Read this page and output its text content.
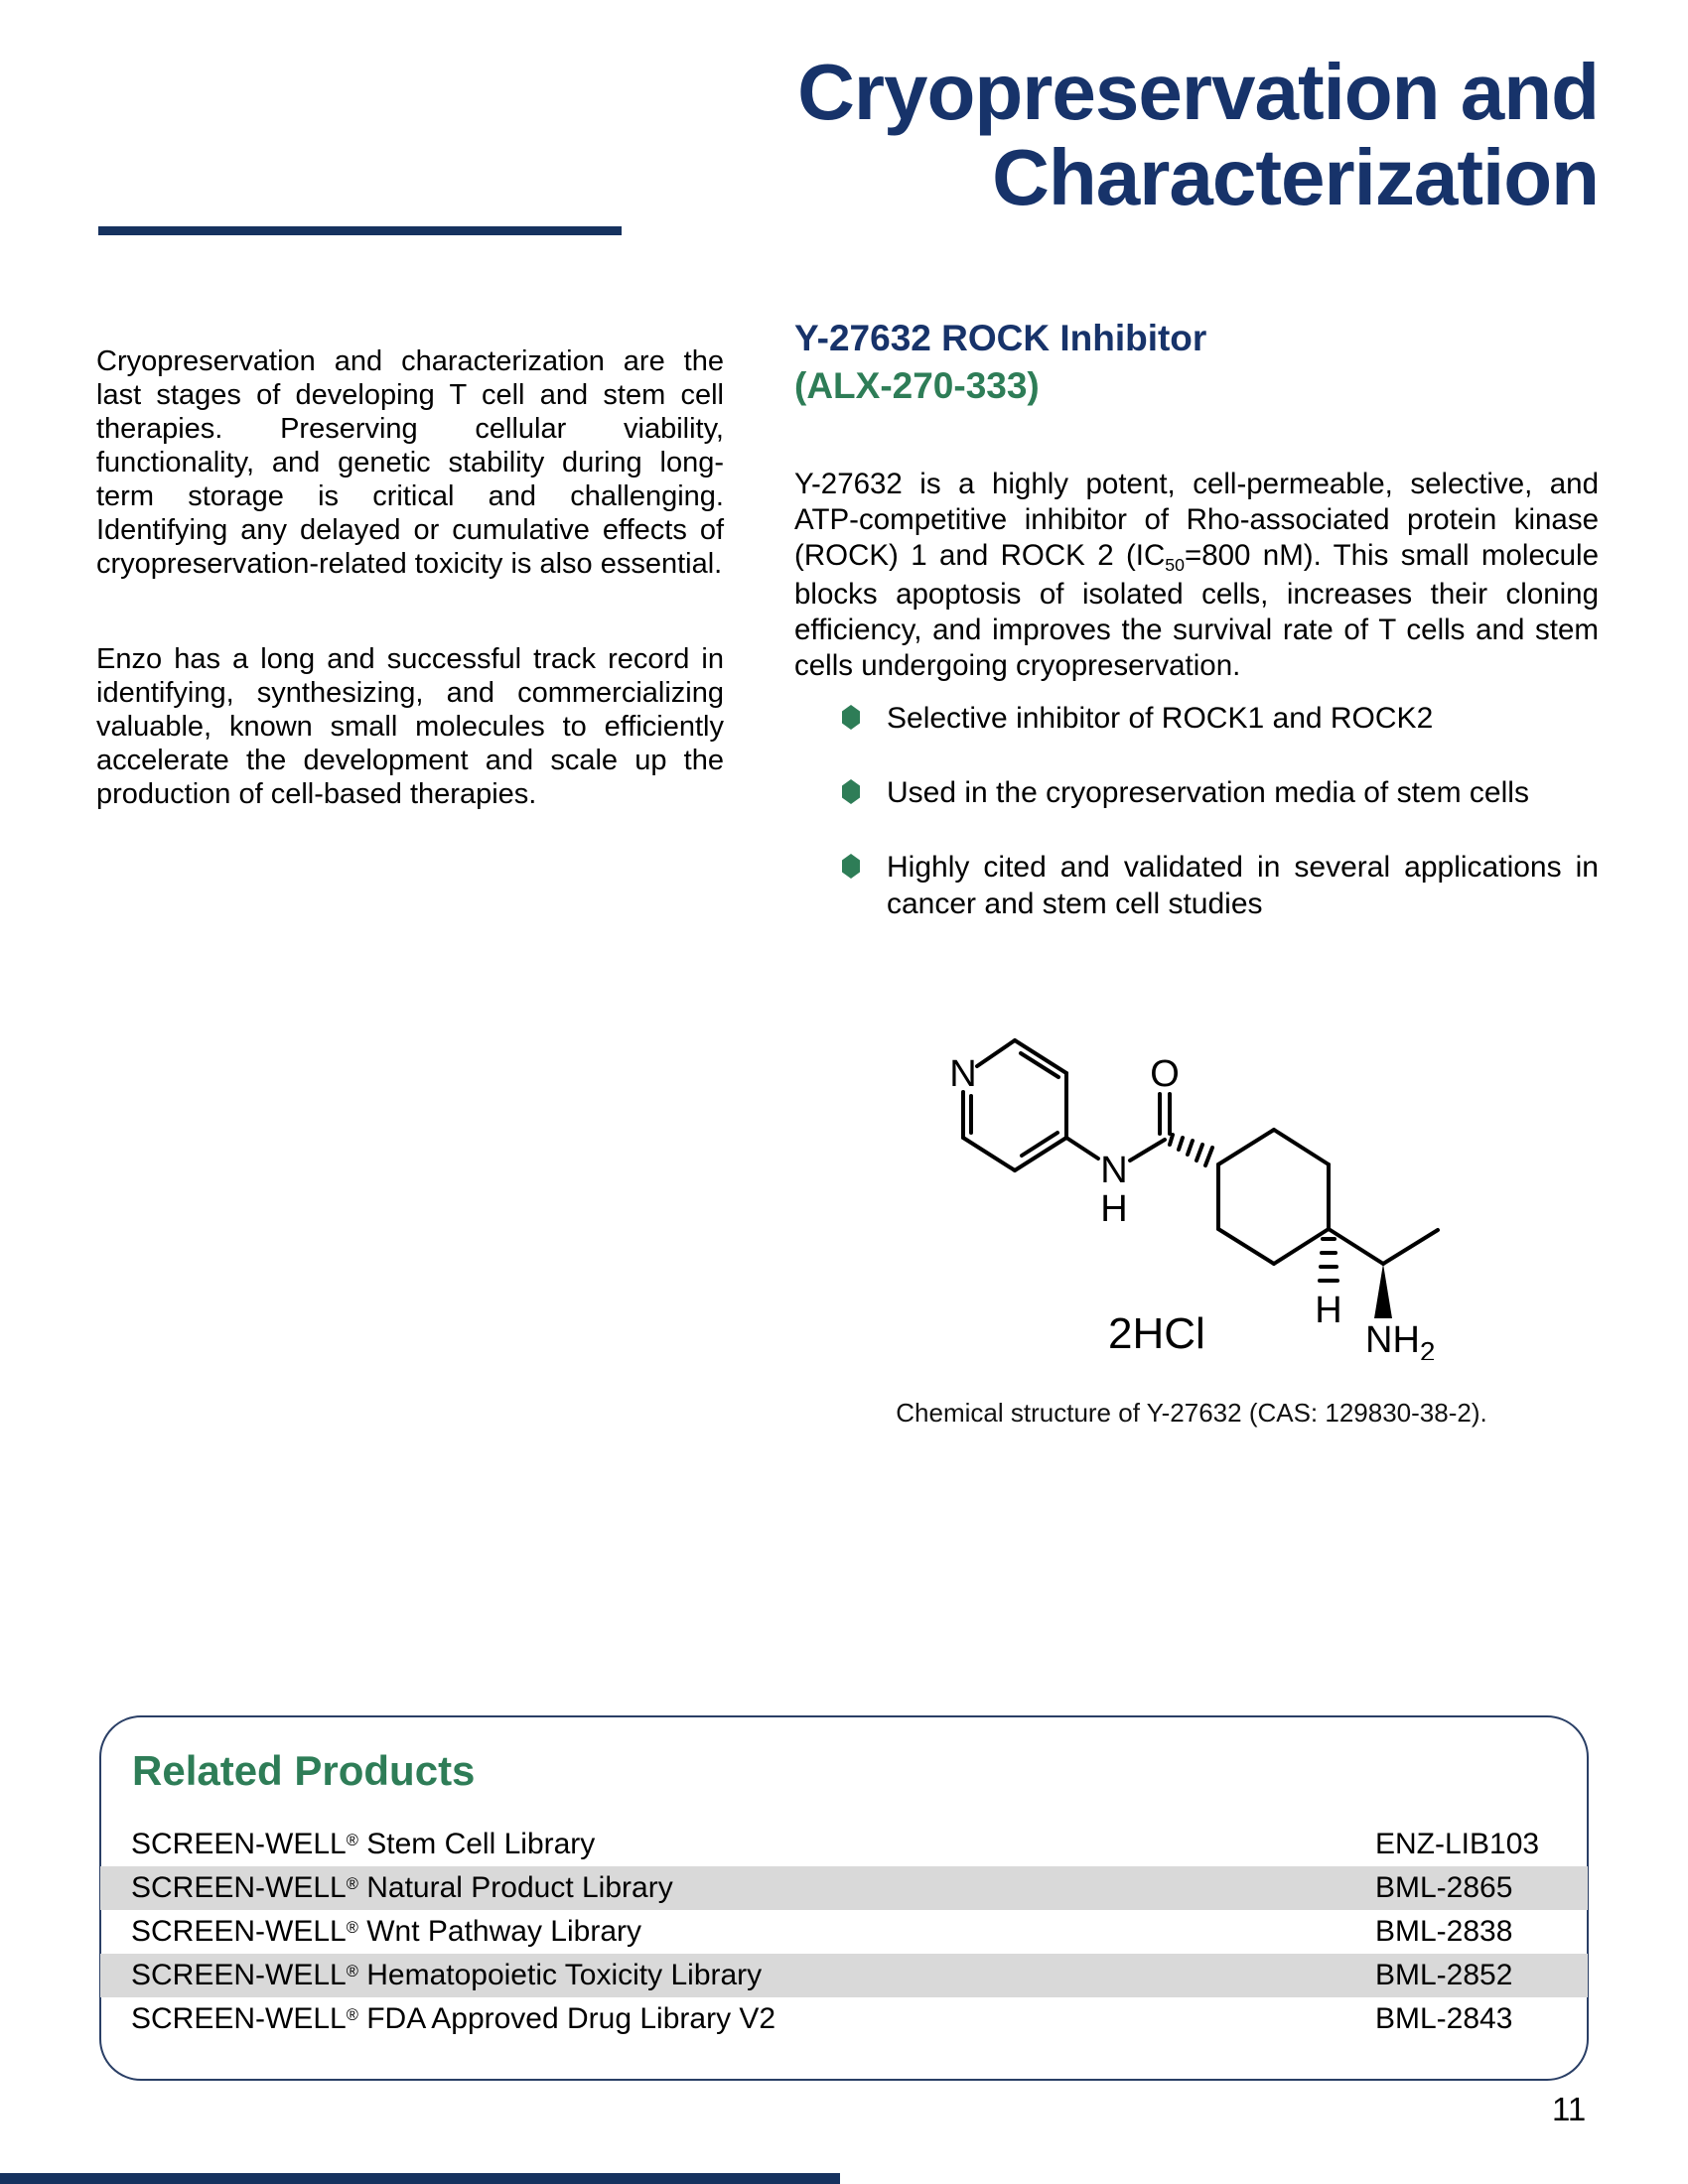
Cryopreservation and
Characterization

Cryopreservation and characterization are the last stages of developing T cell and stem cell therapies. Preserving cellular viability, functionality, and genetic stability during long-term storage is critical and challenging. Identifying any delayed or cumulative effects of cryopreservation-related toxicity is also essential.

Enzo has a long and successful track record in identifying, synthesizing, and commercializing valuable, known small molecules to efficiently accelerate the development and scale up the production of cell-based therapies.

Y-27632 ROCK Inhibitor
(ALX-270-333)

Y-27632 is a highly potent, cell-permeable, selective, and ATP-competitive inhibitor of Rho-associated protein kinase (ROCK) 1 and ROCK 2 ($IC_{50}=800$ nM). This small molecule blocks apoptosis of isolated cells, increases their cloning efficiency, and improves the survival rate of T cells and stem cells undergoing cryopreservation.

Selective inhibitor of ROCK1 and ROCK2
Used in the cryopreservation media of stem cells
Highly cited and validated in several applications in cancer and stem cell studies
N	O
N
H
H
$NH_2$
2HCl
Chemical structure of Y-27632 (CAS: 129830-38-2).
Related Products
SCREEN-WELL® Stem Cell Library	ENZ-LIB103
SCREEN-WELL® Natural Product Library	BML-2865
SCREEN-WELL® Wnt Pathway Library	BML-2838
SCREEN-WELL® Hematopoietic Toxicity Library	BML-2852
SCREEN-WELL® FDA Approved Drug Library V2	BML-2843
11
